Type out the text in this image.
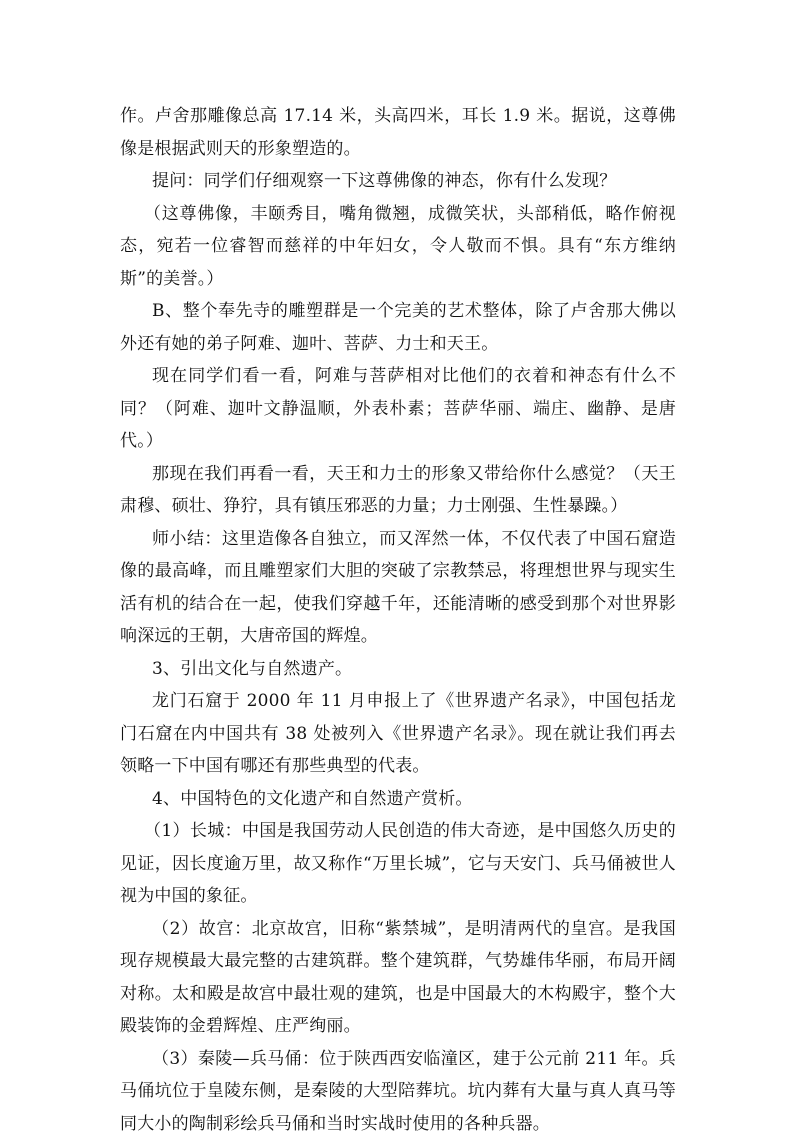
作。卢舍那雕像总高 17.14 米，头高四米，耳长 1.9 米。据说，这尊佛像是根据武则天的形象塑造的。

提问：同学们仔细观察一下这尊佛像的神态，你有什么发现？

（这尊佛像，丰颐秀目，嘴角微翘，成微笑状，头部稍低，略作俯视态，宛若一位睿智而慈祥的中年妇女，令人敬而不惧。具有“东方维纳斯”的美誉。）

B、整个奉先寺的雕塑群是一个完美的艺术整体，除了卢舍那大佛以外还有她的弟子阿难、迦叶、菩萨、力士和天王。

现在同学们看一看，阿难与菩萨相对比他们的衣着和神态有什么不同？（阿难、迦叶文静温顺，外表朴素；菩萨华丽、端庄、幽静、是唐代。）

那现在我们再看一看，天王和力士的形象又带给你什么感觉？（天王肃穆、硕壮、狰狞，具有镇压邪恶的力量；力士刚强、生性暴躁。）

师小结：这里造像各自独立，而又浑然一体，不仅代表了中国石窟造像的最高峰，而且雕塑家们大胆的突破了宗教禁忌，将理想世界与现实生活有机的结合在一起，使我们穿越千年，还能清晰的感受到那个对世界影响深远的王朝，大唐帝国的辉煌。

3、引出文化与自然遗产。

龙门石窟于 2000 年 11 月申报上了《世界遗产名录》，中国包括龙门石窟在内中国共有 38 处被列入《世界遗产名录》。现在就让我们再去领略一下中国有哪还有那些典型的代表。

4、中国特色的文化遗产和自然遗产赏析。

（1）长城：中国是我国劳动人民创造的伟大奇迹，是中国悠久历史的见证，因长度逾万里，故又称作“万里长城”，它与天安门、兵马俑被世人视为中国的象征。

（2）故宫：北京故宫，旧称“紫禁城”，是明清两代的皇宫。是我国现存规模最大最完整的古建筑群。整个建筑群，气势雄伟华丽，布局开阔对称。太和殿是故宫中最壮观的建筑，也是中国最大的木构殿宇，整个大殿装饰的金碧辉煌、庄严绚丽。

（3）秦陵—兵马俑：位于陕西西安临潼区，建于公元前 211 年。兵马俑坑位于皇陵东侧，是秦陵的大型陪葬坑。坑内葬有大量与真人真马等同大小的陶制彩绘兵马俑和当时实战时使用的各种兵器。
